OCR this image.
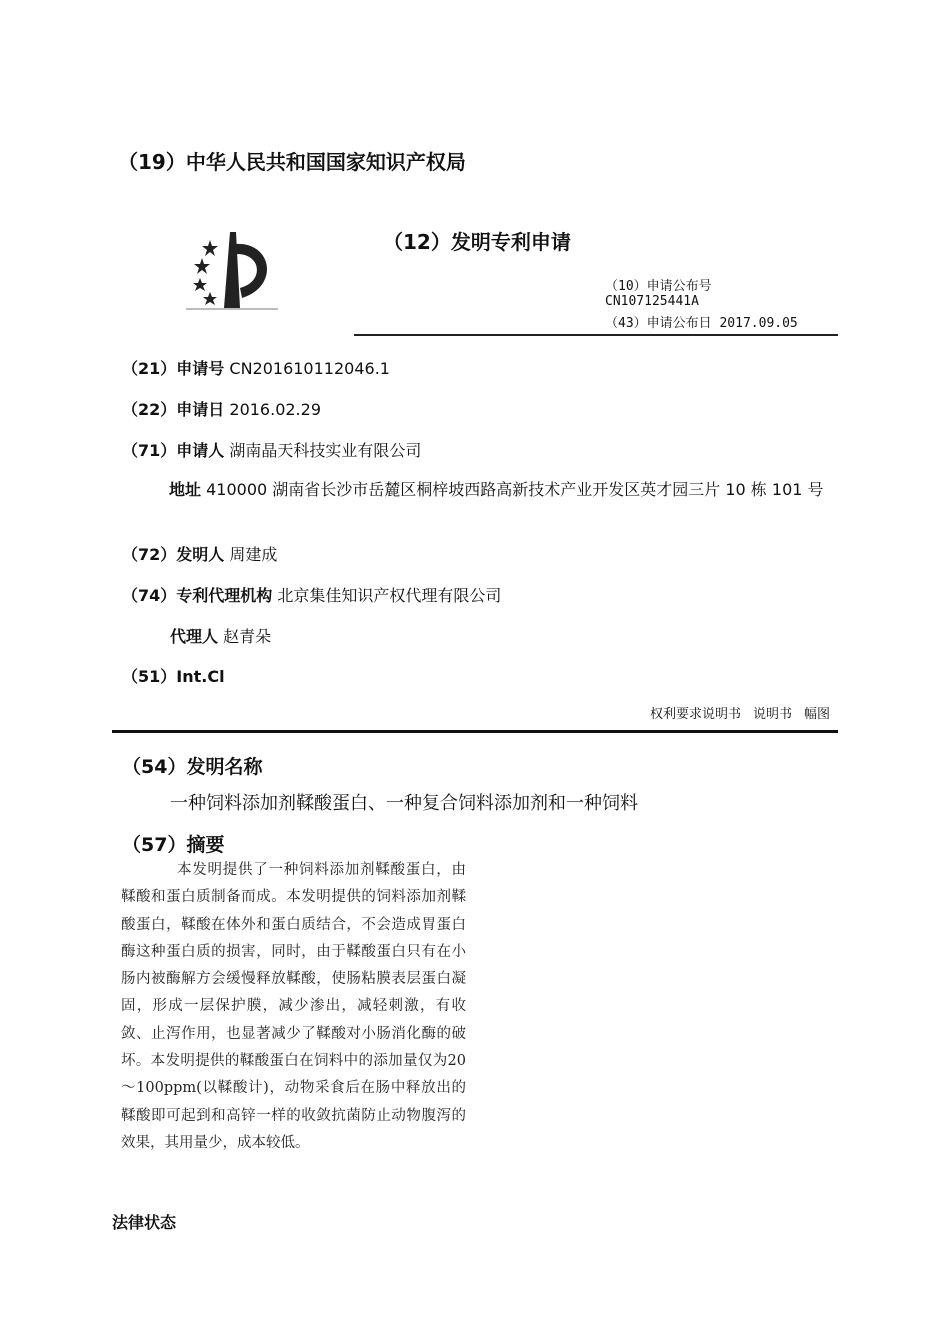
（19）中华人民共和国国家知识产权局
（12）发明专利申请
（10）申请公布号
CN107125441A
（43）申请公布日 2017.09.05
（21）申请号 CN201610112046.1
（22）申请日 2016.02.29
（71）申请人 湖南晶天科技实业有限公司
地址 410000 湖南省长沙市岳麓区桐梓坡西路高新技术产业开发区英才园三片 10 栋 101 号
（72）发明人 周建成
（74）专利代理机构 北京集佳知识产权代理有限公司
代理人 赵青朵
（51）Int.Cl
权利要求说明书 说明书 幅图
（54）发明名称
一种饲料添加剂鞣酸蛋白、一种复合饲料添加剂和一种饲料
（57）摘要
本发明提供了一种饲料添加剂鞣酸蛋白，由鞣酸和蛋白质制备而成。本发明提供的饲料添加剂鞣酸蛋白，鞣酸在体外和蛋白质结合，不会造成胃蛋白酶这种蛋白质的损害，同时，由于鞣酸蛋白只有在小肠内被酶解方会缓慢释放鞣酸，使肠粘膜表层蛋白凝固，形成一层保护膜，减少渗出，减轻刺激，有收敛、止泻作用，也显著减少了鞣酸对小肠消化酶的破坏。本发明提供的鞣酸蛋白在饲料中的添加量仅为20～100ppm(以鞣酸计)，动物采食后在肠中释放出的鞣酸即可起到和高锌一样的收敛抗菌防止动物腹泻的效果，其用量少，成本较低。
法律状态
